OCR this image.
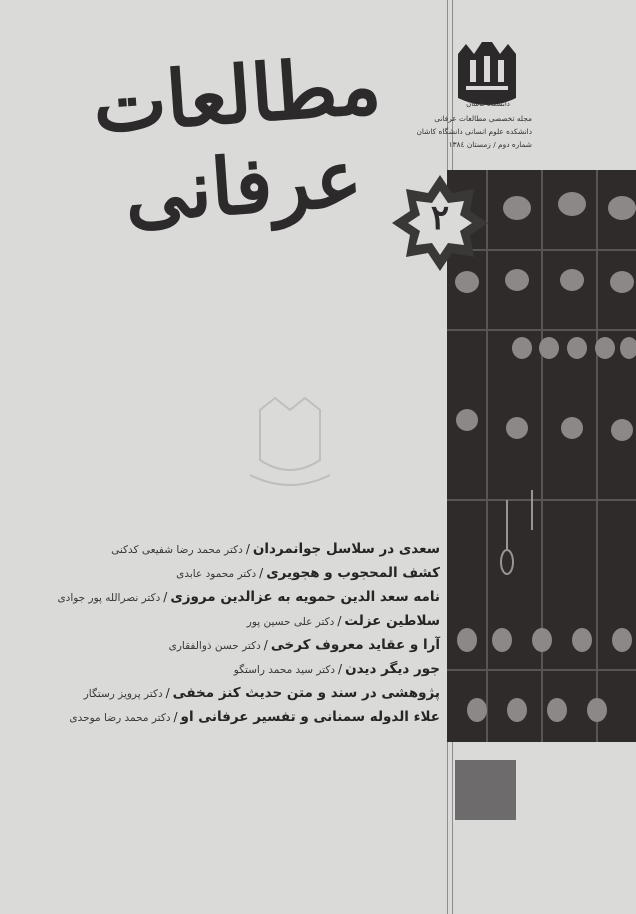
مطالعات عرفانی
دانشگاه کاشان
مجله تخصصی مطالعات عرفانی
دانشکده علوم انسانی دانشگاه کاشان
شماره دوم / زمستان ۱۳۸٤
۲
سعدی در سلاسل جوانمردان/دکتر محمد رضا شفیعی کدکنی
کشف المحجوب و هجویری/دکتر محمود عابدی
نامه سعد الدین حمویه به عزالدین مروزی/دکتر نصرالله پور جوادی
سلاطین عزلت/دکتر علی حسین پور
آرا و عقاید معروف کرخی/دکتر حسن ذوالفقاری
جور دیگر دیدن/دکتر سید محمد راستگو
پژوهشی در سند و متن حدیث کنز مخفی/دکتر پرویز رستگار
علاء الدوله سمنانی و تفسیر عرفانی او/دکتر محمد رضا موحدی
